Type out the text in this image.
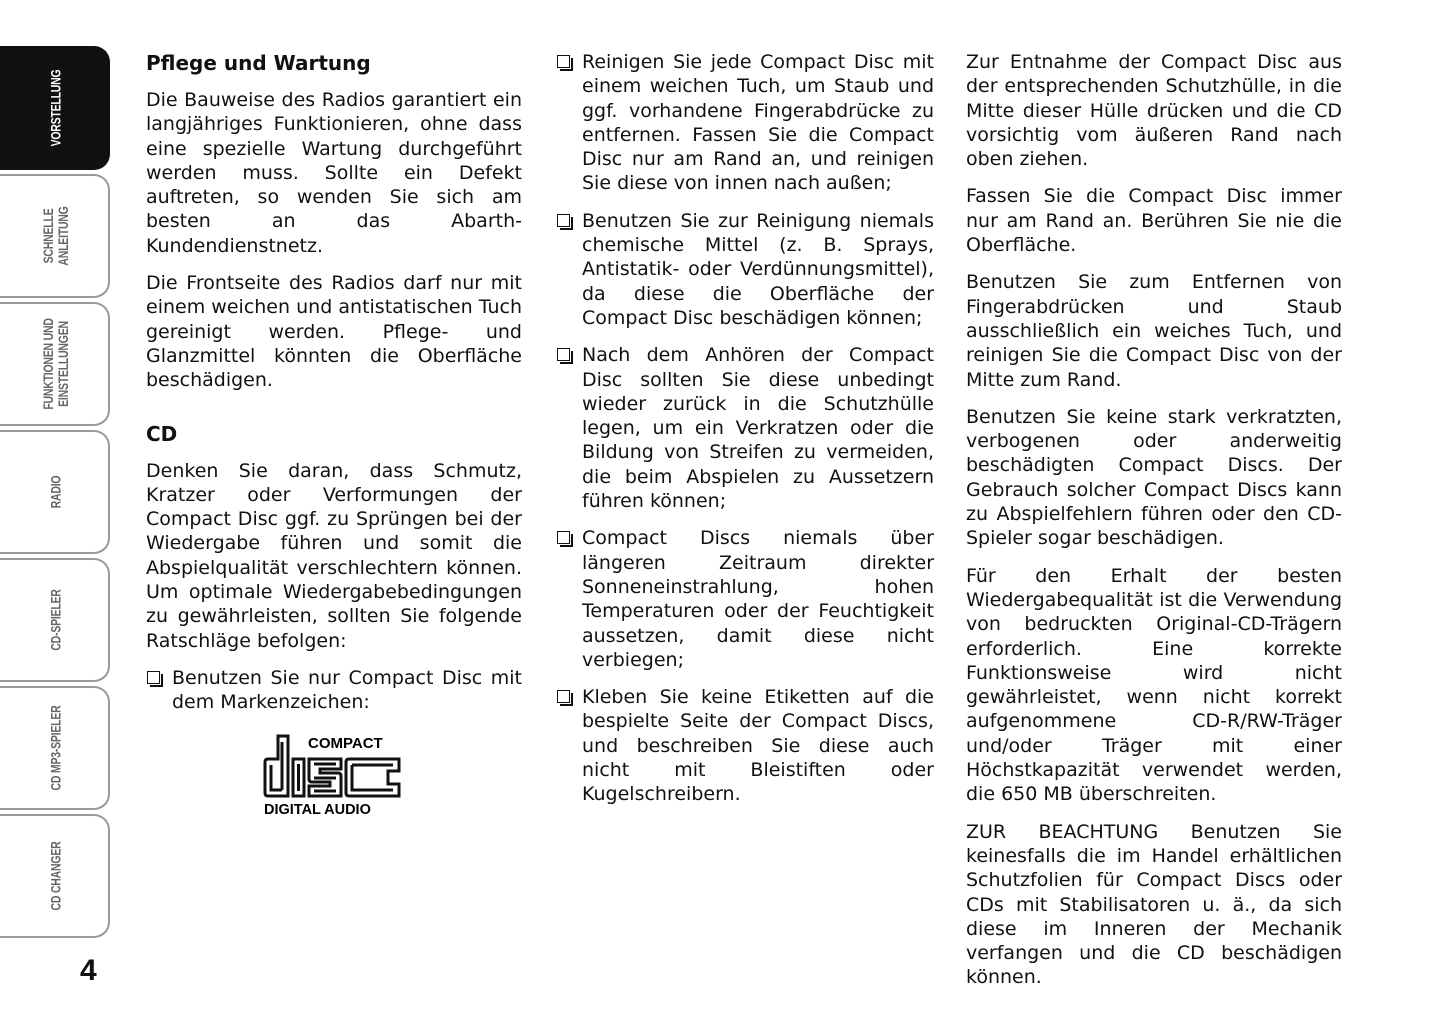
VORSTELLUNG
SCHNELLE
ANLEITUNG
FUNKTIONEN UND
EINSTELLUNGEN
RADIO
CD-SPIELER
CD MP3-SPIELER
CD CHANGER
4
Pflege und Wartung

Die Bauweise des Radios garantiert ein langjähriges Funktionieren, ohne dass eine spezielle Wartung durchgeführt werden muss. Sollte ein Defekt auftreten, so wenden Sie sich am besten an das Abarth-Kundendienstnetz.

Die Frontseite des Radios darf nur mit einem weichen und antistatischen Tuch gereinigt werden. Pflege- und Glanzmittel könnten die Oberfläche beschädigen.

CD

Denken Sie daran, dass Schmutz, Kratzer oder Verformungen der Compact Disc ggf. zu Sprüngen bei der Wiedergabe führen und somit die Abspielqualität verschlechtern können. Um optimale Wiedergabebedingungen zu gewährleisten, sollten Sie folgende Ratschläge befolgen:

Benutzen Sie nur Compact Disc mit dem Markenzeichen:
COMPACT
DIGITAL AUDIO
Reinigen Sie jede Compact Disc mit einem weichen Tuch, um Staub und ggf. vorhandene Fingerabdrücke zu entfernen. Fassen Sie die Compact Disc nur am Rand an, und reinigen Sie diese von innen nach außen;
Benutzen Sie zur Reinigung niemals chemische Mittel (z. B. Sprays, Antistatik- oder Verdünnungsmittel), da diese die Oberfläche der Compact Disc beschädigen können;
Nach dem Anhören der Compact Disc sollten Sie diese unbedingt wieder zurück in die Schutzhülle legen, um ein Verkratzen oder die Bildung von Streifen zu vermeiden, die beim Abspielen zu Aussetzern führen können;
Compact Discs niemals über längeren Zeitraum direkter Sonneneinstrahlung, hohen Temperaturen oder der Feuchtigkeit aussetzen, damit diese nicht verbiegen;
Kleben Sie keine Etiketten auf die bespielte Seite der Compact Discs, und beschreiben Sie diese auch nicht mit Bleistiften oder Kugelschreibern.

Zur Entnahme der Compact Disc aus der entsprechenden Schutzhülle, in die Mitte dieser Hülle drücken und die CD vorsichtig vom äußeren Rand nach oben ziehen.

Fassen Sie die Compact Disc immer nur am Rand an. Berühren Sie nie die Oberfläche.

Benutzen Sie zum Entfernen von Fingerabdrücken und Staub ausschließlich ein weiches Tuch, und reinigen Sie die Compact Disc von der Mitte zum Rand.

Benutzen Sie keine stark verkratzten, verbogenen oder anderweitig beschädigten Compact Discs. Der Gebrauch solcher Compact Discs kann zu Abspielfehlern führen oder den CD-Spieler sogar beschädigen.

Für den Erhalt der besten Wiedergabequalität ist die Verwendung von bedruckten Original-CD-Trägern erforderlich. Eine korrekte Funktionsweise wird nicht gewährleistet, wenn nicht korrekt aufgenommene CD-R/RW-Träger und/oder Träger mit einer Höchstkapazität verwendet werden, die 650 MB überschreiten.

ZUR BEACHTUNG Benutzen Sie keinesfalls die im Handel erhältlichen Schutzfolien für Compact Discs oder CDs mit Stabilisatoren u. ä., da sich diese im Inneren der Mechanik verfangen und die CD beschädigen können.
